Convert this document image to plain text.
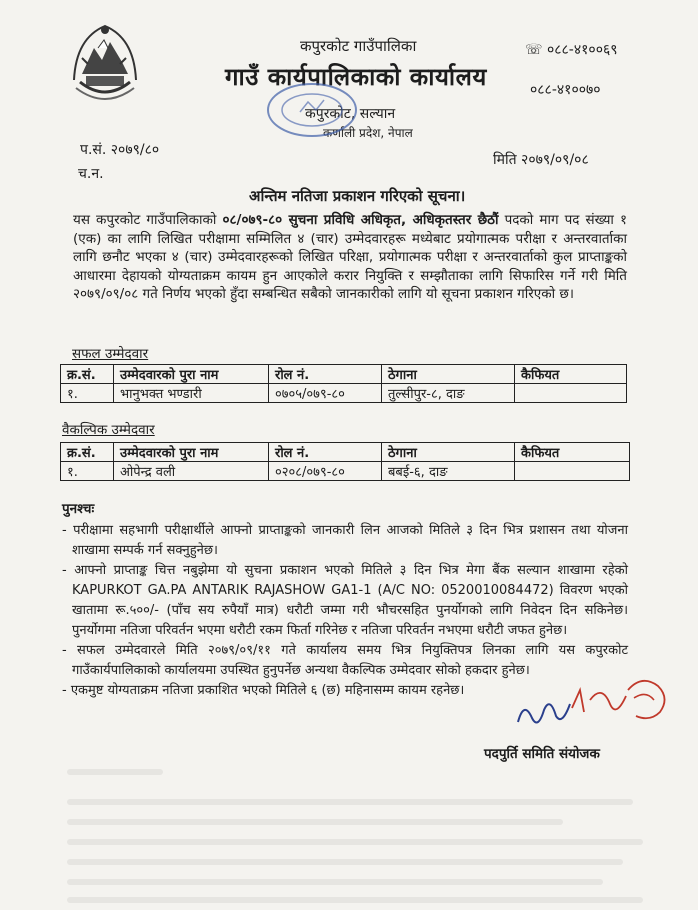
कपुरकोट गाउँपालिका
गाउँ कार्यपालिकाको कार्यालय
कपुरकोट, सल्यान
कर्णाली प्रदेश, नेपाल
☏ ०८८-४१००६९
०८८-४१००७०
प.सं. २०७९/८०
च.न.
मिति २०७९/०९/०८
अन्तिम नतिजा प्रकाशन गरिएको सूचना।
यस कपुरकोट गाउँपालिकाको ०८/०७९-८० सुचना प्रविधि अधिकृत, अधिकृतस्तर छैठौं पदको माग पद संख्या १ (एक) का लागि लिखित परीक्षामा सम्मिलित ४ (चार) उम्मेदवारहरू मध्येबाट प्रयोगात्मक परीक्षा र अन्तरवार्ताका लागि छनौट भएका ४ (चार) उम्मेदवारहरूको लिखित परिक्षा, प्रयोगात्मक परीक्षा र अन्तरवार्ताको कुल प्राप्ताङ्कको आधारमा देहायको योग्यताक्रम कायम हुन आएकोले करार नियुक्ति र सम्झौताका लागि सिफारिस गर्ने गरी मिति २०७९/०९/०८ गते निर्णय भएको हुँदा सम्बन्धित सबैको जानकारीको लागि यो सूचना प्रकाशन गरिएको छ।
सफल उम्मेदवार
क्र.सं.	उम्मेदवारको पुरा नाम	रोल नं.	ठेगाना	कैफियत
१.	भानुभक्त भण्डारी	०७०५/०७९-८०	तुल्सीपुर-८, दाङ	
वैकल्पिक उम्मेदवार
क्र.सं.	उम्मेदवारको पुरा नाम	रोल नं.	ठेगाना	कैफियत
१.	ओपेन्द्र वली	०२०८/०७९-८०	बबई-६, दाङ	
पुनश्चः

- परीक्षामा सहभागी परीक्षार्थीले आफ्नो प्राप्ताङ्कको जानकारी लिन आजको मितिले ३ दिन भित्र प्रशासन तथा योजना शाखामा सम्पर्क गर्न सक्नुहुनेछ।

- आफ्नो प्राप्ताङ्क चित्त नबुझेमा यो सुचना प्रकाशन भएको मितिले ३ दिन भित्र मेगा बैंक सल्यान शाखामा रहेको KAPURKOT GA.PA ANTARIK RAJASHOW GA1-1 (A/C NO: 0520010084472) विवरण भएको खातामा रू.५००/- (पाँच सय रुपैयाँ मात्र) धरौटी जम्मा गरी भौचरसहित पुनर्योगको लागि निवेदन दिन सकिनेछ। पुनर्योगमा नतिजा परिवर्तन भएमा धरौटी रकम फिर्ता गरिनेछ र नतिजा परिवर्तन नभएमा धरौटी जफत हुनेछ।

- सफल उम्मेदवारले मिति २०७९/०९/११ गते कार्यालय समय भित्र नियुक्तिपत्र लिनका लागि यस कपुरकोट गाउँकार्यपालिकाको कार्यालयमा उपस्थित हुनुपर्नेछ अन्यथा वैकल्पिक उम्मेदवार सोको हकदार हुनेछ।

- एकमुष्ट योग्यताक्रम नतिजा प्रकाशित भएको मितिले ६ (छ) महिनासम्म कायम रहनेछ।

पदपुर्ति समिति संयोजक
